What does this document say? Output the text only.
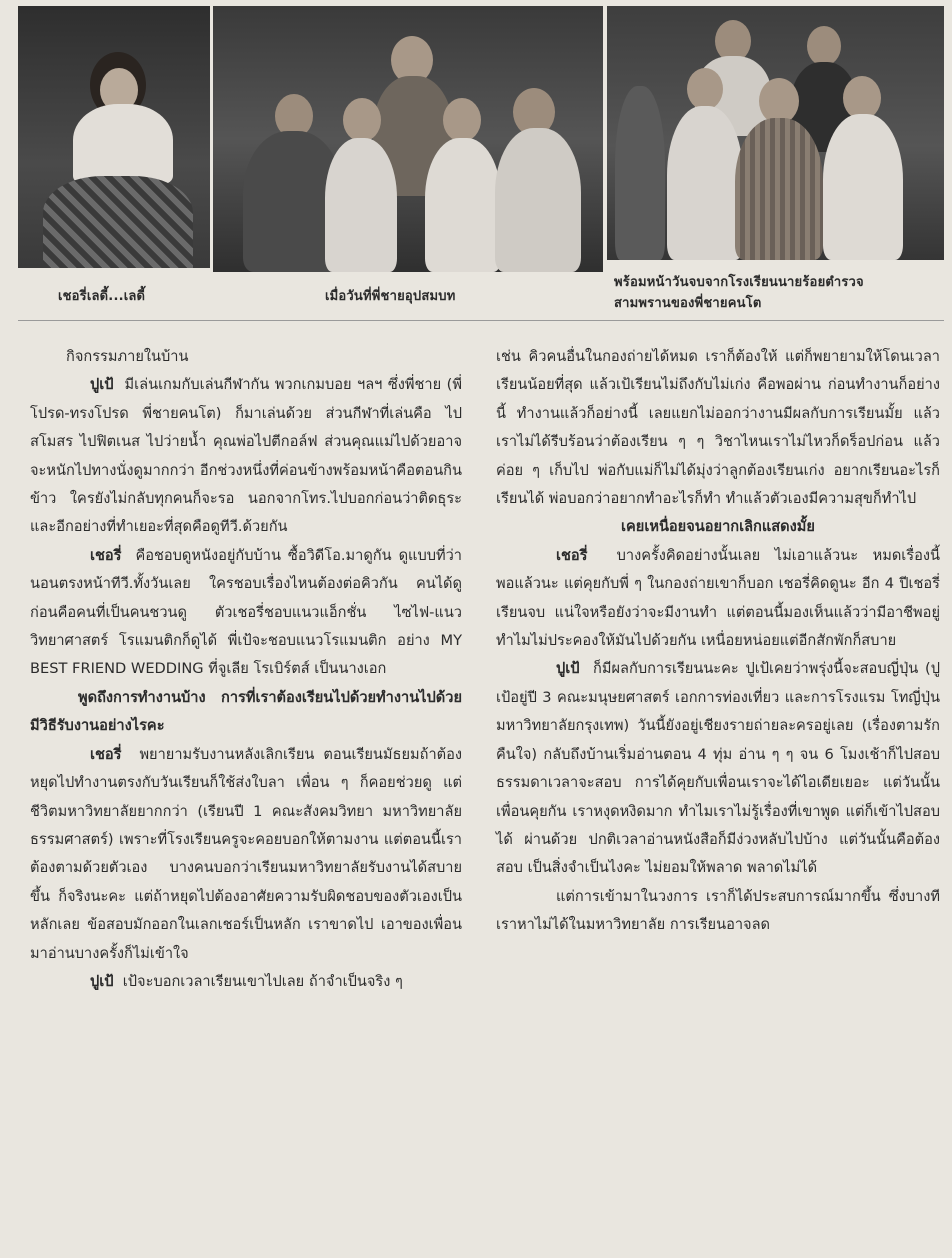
เชอรี่เลดี้...เลดี้	เมื่อวันที่พี่ชายอุปสมบท
พร้อมหน้าวันจบจากโรงเรียนนายร้อยตำรวจ
สามพรานของพี่ชายคนโต

กิจกรรมภายในบ้าน

ปูเป้ มีเล่นเกมกับเล่นกีฬากัน พวกเกมบอย ฯลฯ ซึ่งพี่ชาย (พี่โปรด-ทรงโปรด พี่ชายคนโต) ก็มาเล่นด้วย ส่วนกีฬาที่เล่นคือ ไปสโมสร ไปฟิตเนส ไปว่ายน้ำ คุณพ่อไปตีกอล์ฟ ส่วนคุณแม่ไปด้วยอาจจะหนักไปทางนั่งดูมากกว่า อีกช่วงหนึ่งที่ค่อนข้างพร้อมหน้าคือตอนกินข้าว ใครยังไม่กลับทุกคนก็จะรอ นอกจากโทร.ไปบอกก่อนว่าติดธุระ และอีกอย่างที่ทำเยอะที่สุดคือดูทีวี.ด้วยกัน

เชอรี่ คือชอบดูหนังอยู่กับบ้าน ซื้อวิดีโอ.มาดูกัน ดูแบบที่ว่า นอนตรงหน้าทีวี.ทั้งวันเลย ใครชอบเรื่องไหนต้องต่อคิวกัน คนได้ดูก่อนคือคนที่เป็นคนชวนดู ตัวเชอรี่ชอบแนวแอ็กชั่น ไซไฟ-แนววิทยาศาสตร์ โรแมนติกก็ดูได้ พี่เป้จะชอบแนวโรแมนติก อย่าง MY BEST FRIEND WEDDING ที่จูเลีย โรเบิร์ตส์ เป็นนางเอก

พูดถึงการทำงานบ้าง การที่เราต้องเรียนไปด้วยทำงานไปด้วย มีวิธีรับงานอย่างไรคะ

เชอรี่ พยายามรับงานหลังเลิกเรียน ตอนเรียนมัธยมถ้าต้องหยุดไปทำงานตรงกับวันเรียนก็ใช้ส่งใบลา เพื่อน ๆ ก็คอยช่วยดู แต่ชีวิตมหาวิทยาลัยยากกว่า (เรียนปี 1 คณะสังคมวิทยา มหาวิทยาลัยธรรมศาสตร์) เพราะที่โรงเรียนครูจะคอยบอกให้ตามงาน แต่ตอนนี้เราต้องตามด้วยตัวเอง บางคนบอกว่าเรียนมหาวิทยาลัยรับงานได้สบายขึ้น ก็จริงนะคะ แต่ถ้าหยุดไปต้องอาศัยความรับผิดชอบของตัวเองเป็นหลักเลย ข้อสอบมักออกในเลกเชอร์เป็นหลัก เราขาดไป เอาของเพื่อนมาอ่านบางครั้งก็ไม่เข้าใจ

ปูเป้ เป้จะบอกเวลาเรียนเขาไปเลย ถ้าจำเป็นจริง ๆ

เช่น คิวคนอื่นในกองถ่ายได้หมด เราก็ต้องให้ แต่ก็พยายามให้โดนเวลาเรียนน้อยที่สุด แล้วเป้เรียนไม่ถึงกับไม่เก่ง คือพอผ่าน ก่อนทำงานก็อย่างนี้ ทำงานแล้วก็อย่างนี้ เลยแยกไม่ออกว่างานมีผลกับการเรียนมั้ย แล้วเราไม่ได้รีบร้อนว่าต้องเรียน ๆ ๆ วิชาไหนเราไม่ไหวก็ดร็อปก่อน แล้วค่อย ๆ เก็บไป พ่อกับแม่ก็ไม่ได้มุ่งว่าลูกต้องเรียนเก่ง อยากเรียนอะไรก็เรียนได้ พ่อบอกว่าอยากทำอะไรก็ทำ ทำแล้วตัวเองมีความสุขก็ทำไป

เคยเหนื่อยจนอยากเลิกแสดงมั้ย

เชอรี่ บางครั้งคิดอย่างนั้นเลย ไม่เอาแล้วนะ หมดเรื่องนี้พอแล้วนะ แต่คุยกับพี่ ๆ ในกองถ่ายเขาก็บอก เชอรี่คิดดูนะ อีก 4 ปีเชอรี่เรียนจบ แน่ใจหรือยังว่าจะมีงานทำ แต่ตอนนี้มองเห็นแล้วว่ามีอาชีพอยู่ ทำไมไม่ประคองให้มันไปด้วยกัน เหนื่อยหน่อยแต่อีกสักพักก็สบาย

ปูเป้ ก็มีผลกับการเรียนนะคะ ปูเป้เคยว่าพรุ่งนี้จะสอบญี่ปุ่น (ปูเป้อยู่ปี 3 คณะมนุษยศาสตร์ เอกการท่องเที่ยว และการโรงแรม โทญี่ปุ่น มหาวิทยาลัยกรุงเทพ) วันนี้ยังอยู่เชียงรายถ่ายละครอยู่เลย (เรื่องตามรักคืนใจ) กลับถึงบ้านเริ่มอ่านตอน 4 ทุ่ม อ่าน ๆ ๆ จน 6 โมงเช้าก็ไปสอบ ธรรมดาเวลาจะสอบ การได้คุยกับเพื่อนเราจะได้ไอเดียเยอะ แต่วันนั้นเพื่อนคุยกัน เราหงุดหงิดมาก ทำไมเราไม่รู้เรื่องที่เขาพูด แต่ก็เข้าไปสอบได้ ผ่านด้วย ปกติเวลาอ่านหนังสือก็มีง่วงหลับไปบ้าง แต่วันนั้นคือต้องสอบ เป็นสิ่งจำเป็นไงคะ ไม่ยอมให้พลาด พลาดไม่ได้

แต่การเข้ามาในวงการ เราก็ได้ประสบการณ์มากขึ้น ซึ่งบางทีเราหาไม่ได้ในมหาวิทยาลัย การเรียนอาจลด
